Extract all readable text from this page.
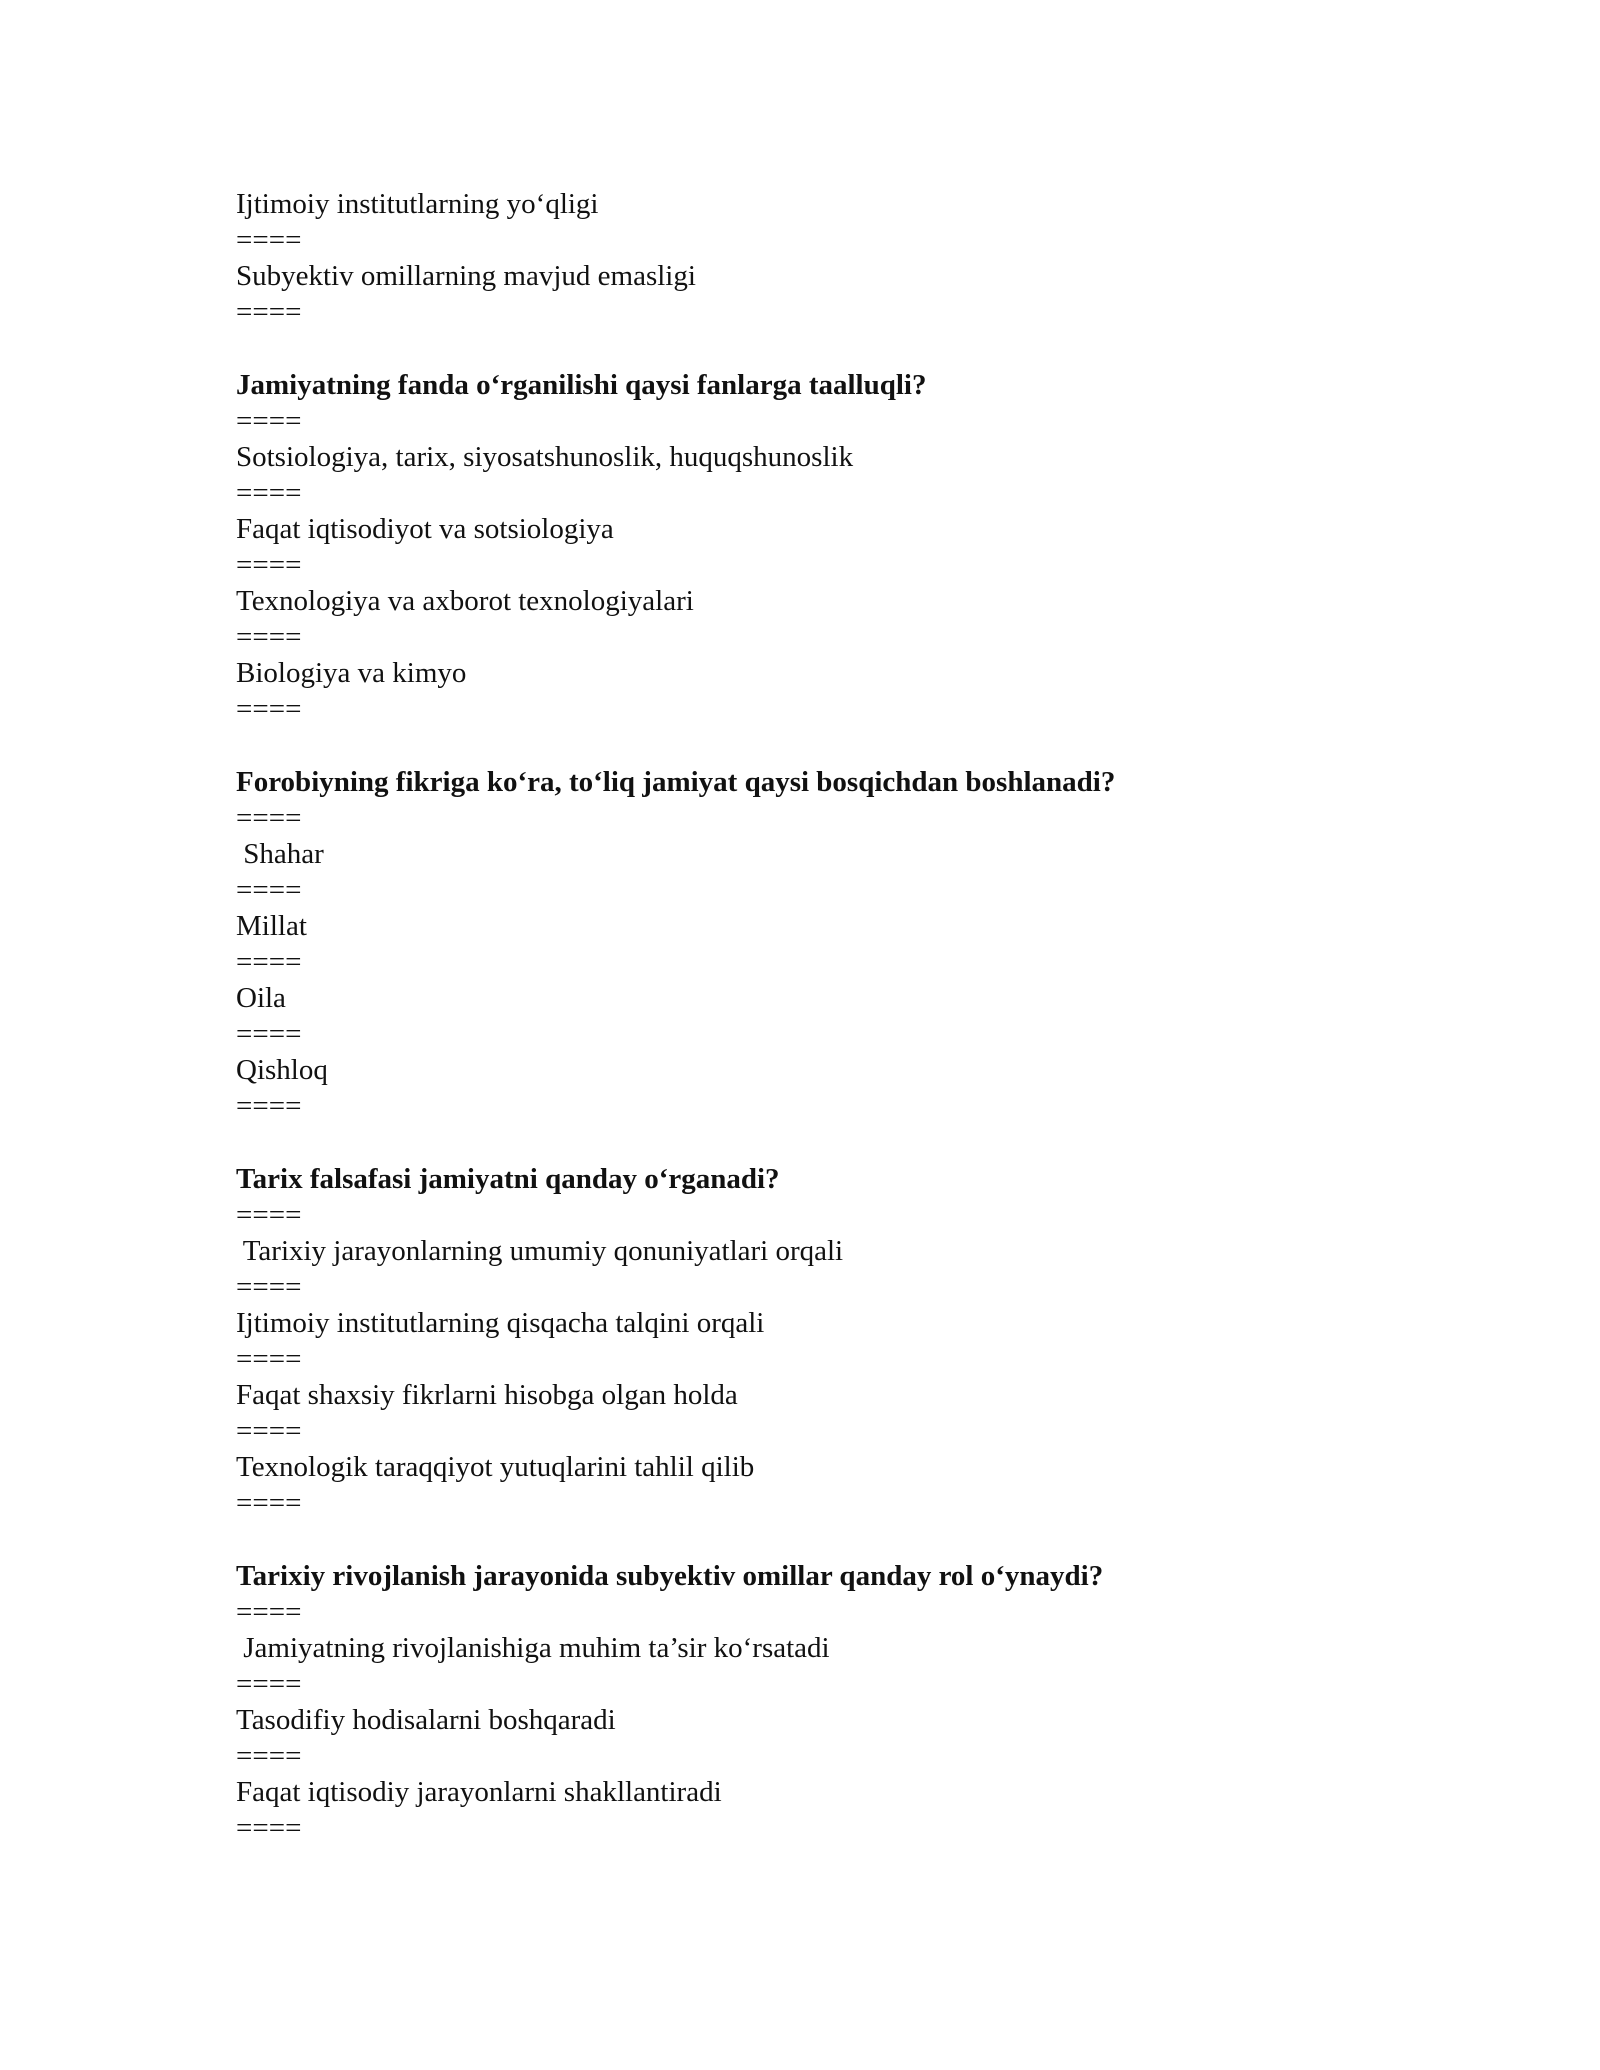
Ijtimoiy institutlarning yo‘qligi
====
Subyektiv omillarning mavjud emasligi
====
Jamiyatning fanda o‘rganilishi qaysi fanlarga taalluqli?
====
Sotsiologiya, tarix, siyosatshunoslik, huquqshunoslik
====
Faqat iqtisodiyot va sotsiologiya
====
Texnologiya va axborot texnologiyalari
====
Biologiya va kimyo
====
Forobiyning fikriga ko‘ra, to‘liq jamiyat qaysi bosqichdan boshlanadi?
====
Shahar
====
Millat
====
Oila
====
Qishloq
====
Tarix falsafasi jamiyatni qanday o‘rganadi?
====
Tarixiy jarayonlarning umumiy qonuniyatlari orqali
====
Ijtimoiy institutlarning qisqacha talqini orqali
====
Faqat shaxsiy fikrlarni hisobga olgan holda
====
Texnologik taraqqiyot yutuqlarini tahlil qilib
====
Tarixiy rivojlanish jarayonida subyektiv omillar qanday rol o‘ynaydi?
====
Jamiyatning rivojlanishiga muhim ta’sir ko‘rsatadi
====
Tasodifiy hodisalarni boshqaradi
====
Faqat iqtisodiy jarayonlarni shakllantiradi
====
